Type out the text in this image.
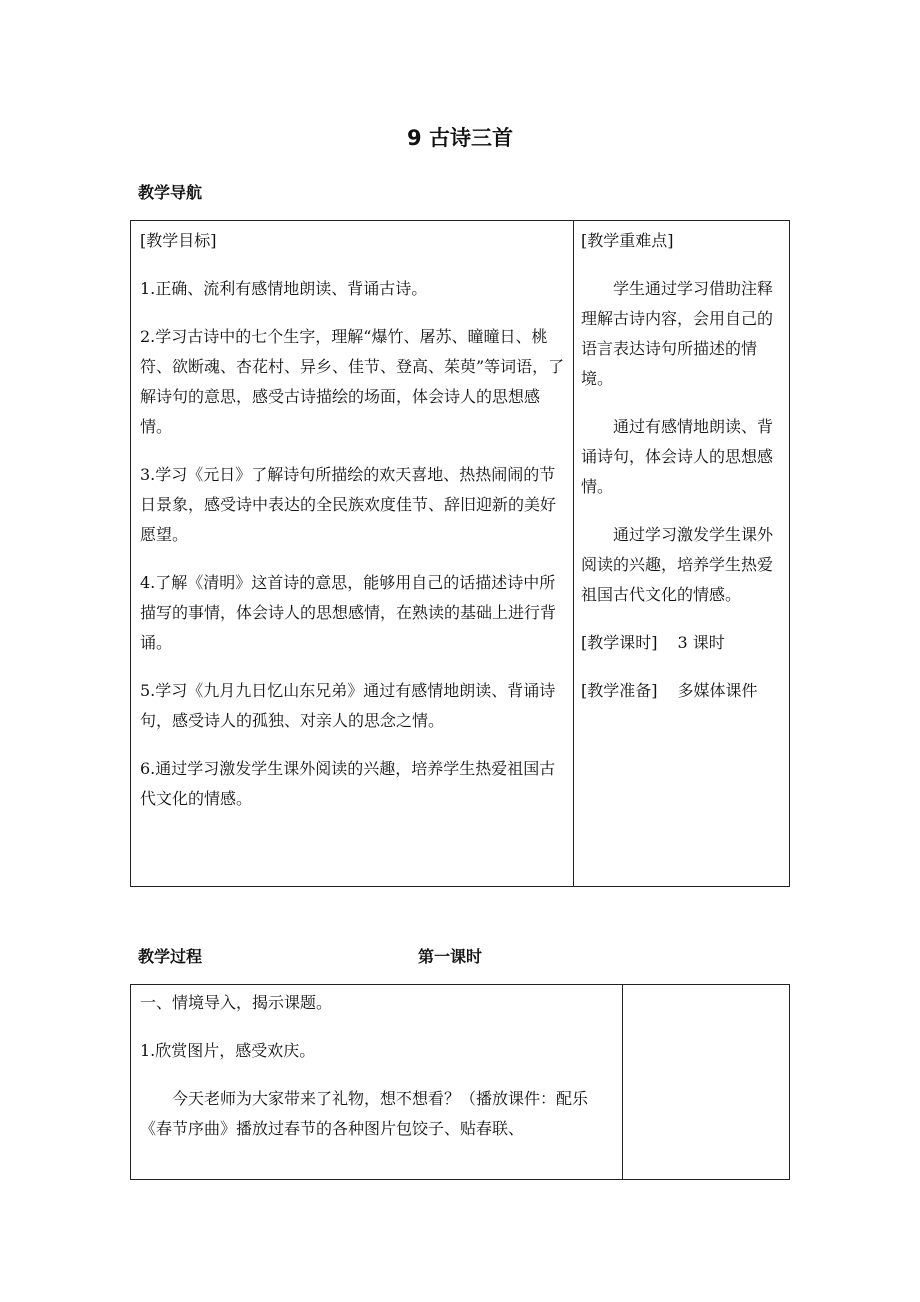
9 古诗三首
教学导航

[教学目标]

1.正确、流利有感情地朗读、背诵古诗。

2.学习古诗中的七个生字，理解“爆竹、屠苏、曈曈日、桃符、欲断魂、杏花村、异乡、佳节、登高、茱萸”等词语，了解诗句的意思，感受古诗描绘的场面，体会诗人的思想感情。

3.学习《元日》了解诗句所描绘的欢天喜地、热热闹闹的节日景象，感受诗中表达的全民族欢度佳节、辞旧迎新的美好愿望。

4.了解《清明》这首诗的意思，能够用自己的话描述诗中所描写的事情，体会诗人的思想感情，在熟读的基础上进行背诵。

5.学习《九月九日忆山东兄弟》通过有感情地朗读、背诵诗句，感受诗人的孤独、对亲人的思念之情。

6.通过学习激发学生课外阅读的兴趣，培养学生热爱祖国古代文化的情感。

[教学重难点]

学生通过学习借助注释理解古诗内容，会用自己的语言表达诗句所描述的情境。

通过有感情地朗读、背诵诗句，体会诗人的思想感情。

通过学习激发学生课外阅读的兴趣，培养学生热爱祖国古代文化的情感。

[教学课时] 3 课时

[教学准备] 多媒体课件

教学过程	第一课时

一、情境导入，揭示课题。

1.欣赏图片，感受欢庆。

今天老师为大家带来了礼物，想不想看？（播放课件：配乐《春节序曲》播放过春节的各种图片包饺子、贴春联、
